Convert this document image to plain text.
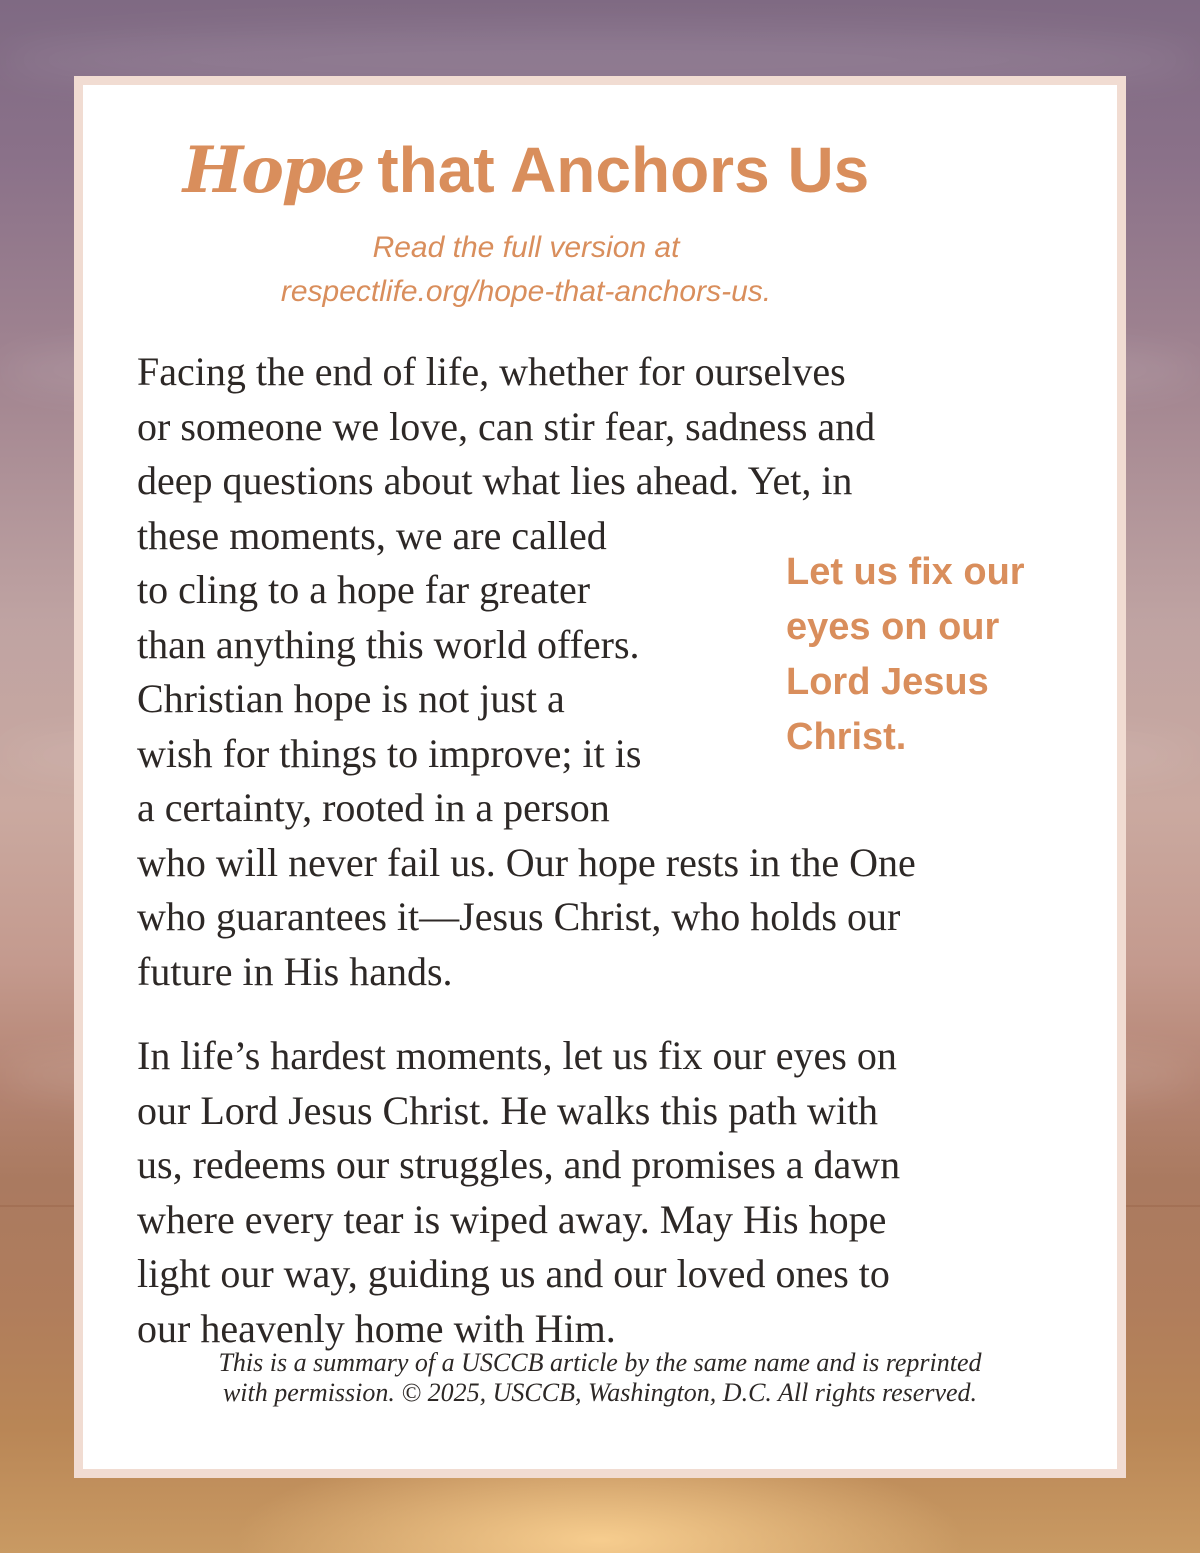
Hope that Anchors Us
Read the full version at
respectlife.org/hope-that-anchors-us.
Facing the end of life, whether for ourselves
or someone we love, can stir fear, sadness and
deep questions about what lies ahead. Yet, in
these moments, we are called
to cling to a hope far greater
than anything this world offers.
Christian hope is not just a
wish for things to improve; it is
a certainty, rooted in a person
who will never fail us. Our hope rests in the One
who guarantees it—Jesus Christ, who holds our
future in His hands.
Let us fix our
eyes on our
Lord Jesus
Christ.
In life’s hardest moments, let us fix our eyes on
our Lord Jesus Christ. He walks this path with
us, redeems our struggles, and promises a dawn
where every tear is wiped away. May His hope
light our way, guiding us and our loved ones to
our heavenly home with Him.
This is a summary of a USCCB article by the same name and is reprinted
with permission. © 2025, USCCB, Washington, D.C. All rights reserved.
